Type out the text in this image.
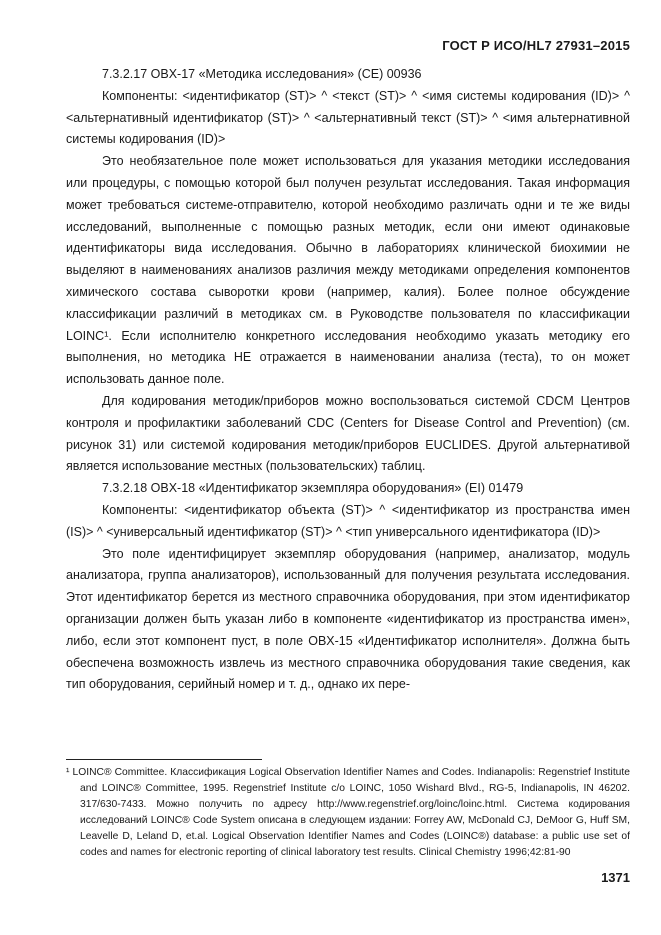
ГОСТ Р ИСО/HL7 27931–2015

7.3.2.17 OBX-17 «Методика исследования» (CE) 00936

Компоненты: <идентификатор (ST)> ^ <текст (ST)> ^ <имя системы кодирования (ID)> ^ <альтернативный идентификатор (ST)> ^ <альтернативный текст (ST)> ^ <имя альтернативной системы кодирования (ID)>

Это необязательное поле может использоваться для указания методики исследования или процедуры, с помощью которой был получен результат исследования. Такая информация может требоваться системе-отправителю, которой необходимо различать одни и те же виды исследований, выполненные с помощью разных методик, если они имеют одинаковые идентификаторы вида исследования. Обычно в лабораториях клинической биохимии не выделяют в наименованиях анализов различия между методиками определения компонентов химического состава сыворотки крови (например, калия). Более полное обсуждение классификации различий в методиках см. в Руководстве пользователя по классификации LOINC¹. Если исполнителю конкретного исследования необходимо указать методику его выполнения, но методика НЕ отражается в наименовании анализа (теста), то он может использовать данное поле.

Для кодирования методик/приборов можно воспользоваться системой CDCM Центров контроля и профилактики заболеваний CDC (Centers for Disease Control and Prevention) (см. рисунок 31) или системой кодирования методик/приборов EUCLIDES. Другой альтернативой является использование местных (пользовательских) таблиц.

7.3.2.18 OBX-18 «Идентификатор экземпляра оборудования» (EI) 01479

Компоненты: <идентификатор объекта (ST)> ^ <идентификатор из пространства имен (IS)> ^ <универсальный идентификатор (ST)> ^ <тип универсального идентификатора (ID)>

Это поле идентифицирует экземпляр оборудования (например, анализатор, модуль анализатора, группа анализаторов), использованный для получения результата исследования. Этот идентификатор берется из местного справочника оборудования, при этом идентификатор организации должен быть указан либо в компоненте «идентификатор из пространства имен», либо, если этот компонент пуст, в поле OBX-15 «Идентификатор исполнителя». Должна быть обеспечена возможность извлечь из местного справочника оборудования такие сведения, как тип оборудования, серийный номер и т. д., однако их пере-

¹ LOINC® Committee. Классификация Logical Observation Identifier Names and Codes. Indianapolis: Regenstrief Institute and LOINC® Committee, 1995. Regenstrief Institute c/o LOINC, 1050 Wishard Blvd., RG-5, Indianapolis, IN 46202. 317/630-7433. Можно получить по адресу http://www.regenstrief.org/loinc/loinc.html. Система кодирования исследований LOINC® Code System описана в следующем издании: Forrey AW, McDonald CJ, DeMoor G, Huff SM, Leavelle D, Leland D, et.al. Logical Observation Identifier Names and Codes (LOINC®) database: a public use set of codes and names for electronic reporting of clinical laboratory test results. Clinical Chemistry 1996;42:81-90
1371
